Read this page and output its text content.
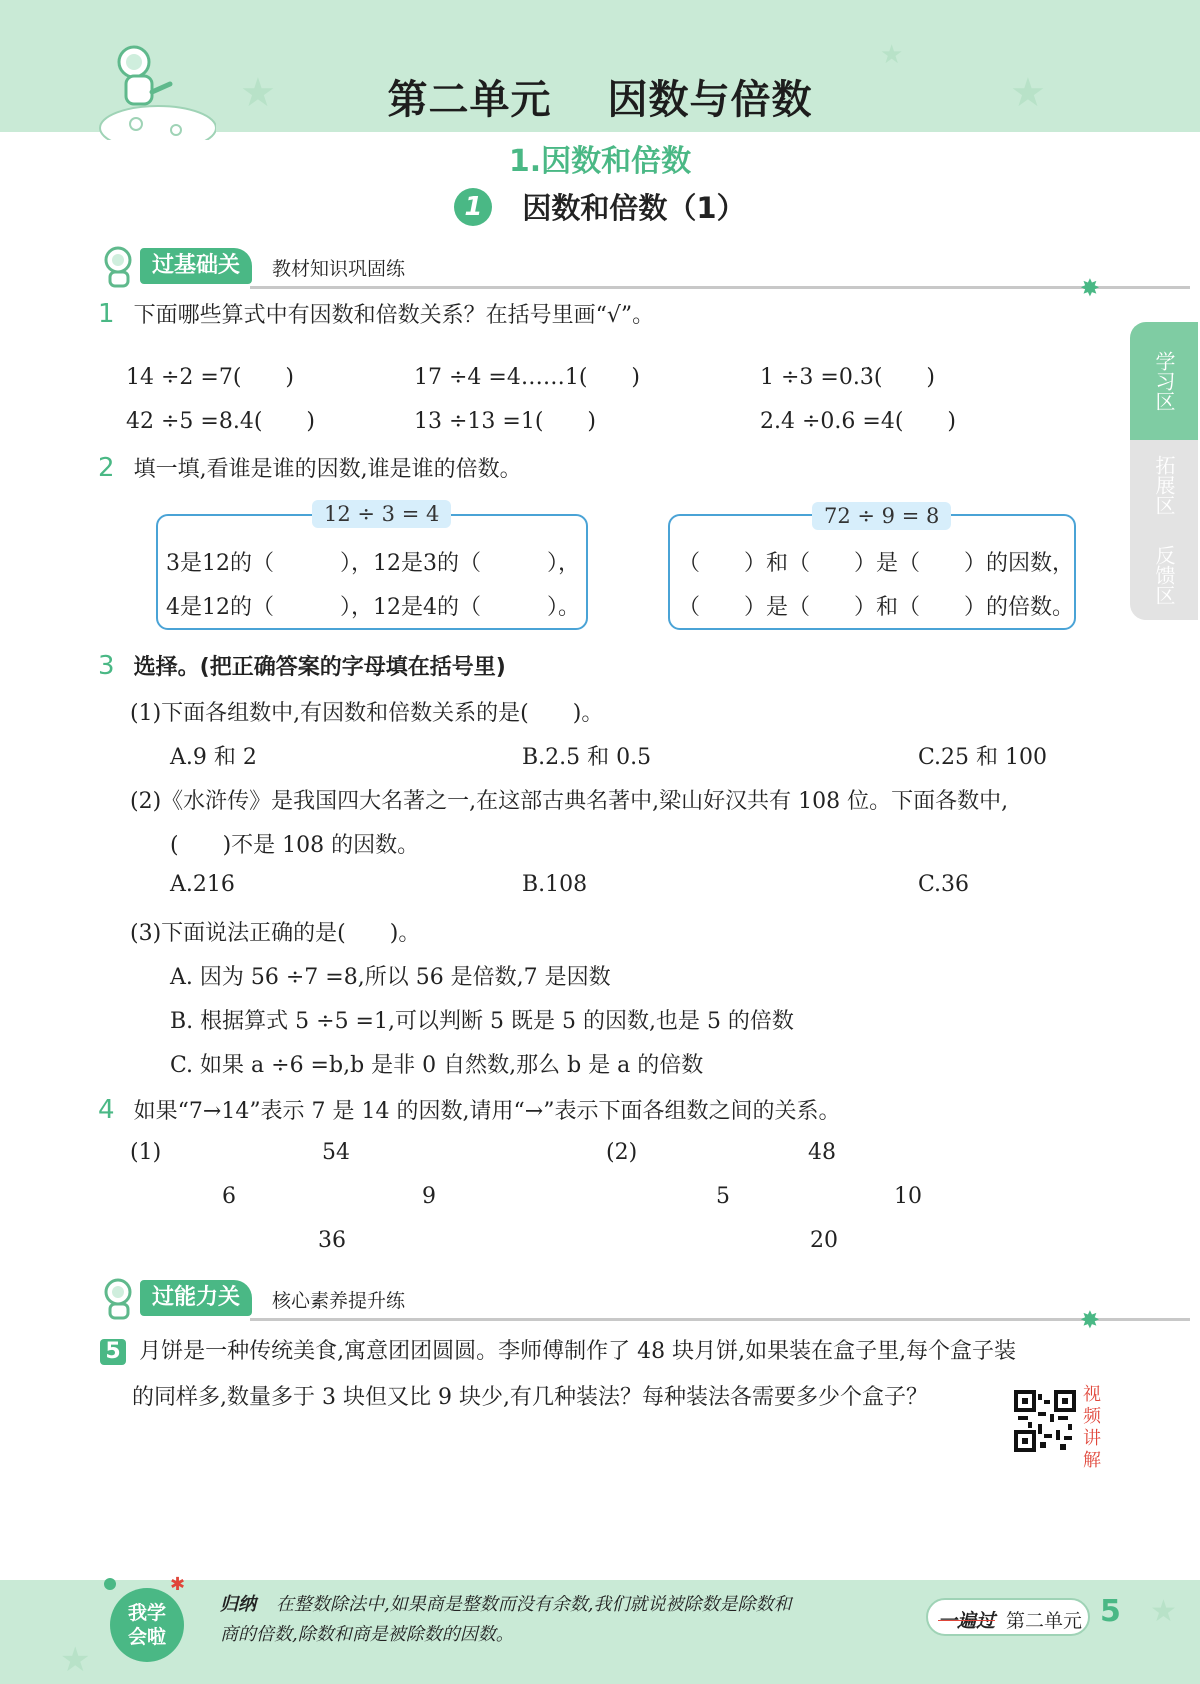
★	★
★
第二单元 因数与倍数
1.因数和倍数
1 因数和倍数（1）
学习区
拓展区
反馈区
过基础关	教材知识巩固练
✸
1 下面哪些算式中有因数和倍数关系？在括号里画“√”。
14 ÷2 =7(　　)	17 ÷4 =4……1(　　)	1 ÷3 =0.3̇(　　)
42 ÷5 =8.4(　　)	13 ÷13 =1(　　)	2.4 ÷0.6 =4(　　)
2 填一填,看谁是谁的因数,谁是谁的倍数。
12 ÷ 3 = 4
3是12的（　　　），12是3的（　　　），
4是12的（　　　），12是4的（　　　）。
72 ÷ 9 = 8
（　　）和（　　）是（　　）的因数，
（　　）是（　　）和（　　）的倍数。
3 选择。(把正确答案的字母填在括号里)
(1)下面各组数中,有因数和倍数关系的是(　　)。
A.9 和 2	B.2.5 和 0.5	C.25 和 100
(2)《水浒传》是我国四大名著之一,在这部古典名著中,梁山好汉共有 108 位。下面各数中,
(　　)不是 108 的因数。
A.216	B.108	C.36
(3)下面说法正确的是(　　)。
A. 因为 56 ÷7 =8,所以 56 是倍数,7 是因数
B. 根据算式 5 ÷5 =1,可以判断 5 既是 5 的因数,也是 5 的倍数
C. 如果 a ÷6 =b,b 是非 0 自然数,那么 b 是 a 的倍数
4 如果“7→14”表示 7 是 14 的因数,请用“→”表示下面各组数之间的关系。
(1)	54
6	9
36
(2)	48
5	10
20
过能力关	核心素养提升练
✸
5 月饼是一种传统美食,寓意团团圆圆。李师傅制作了 48 块月饼,如果装在盒子里,每个盒子装
的同样多,数量多于 3 块但又比 9 块少,有几种装法？每种装法各需要多少个盒子？	视
频
讲
解
★
★
我学
会啦
✱
归纳 在整数除法中,如果商是整数而没有余数,我们就说被除数是除数和
商的倍数,除数和商是被除数的因数。
一遍过 第二单元 5
